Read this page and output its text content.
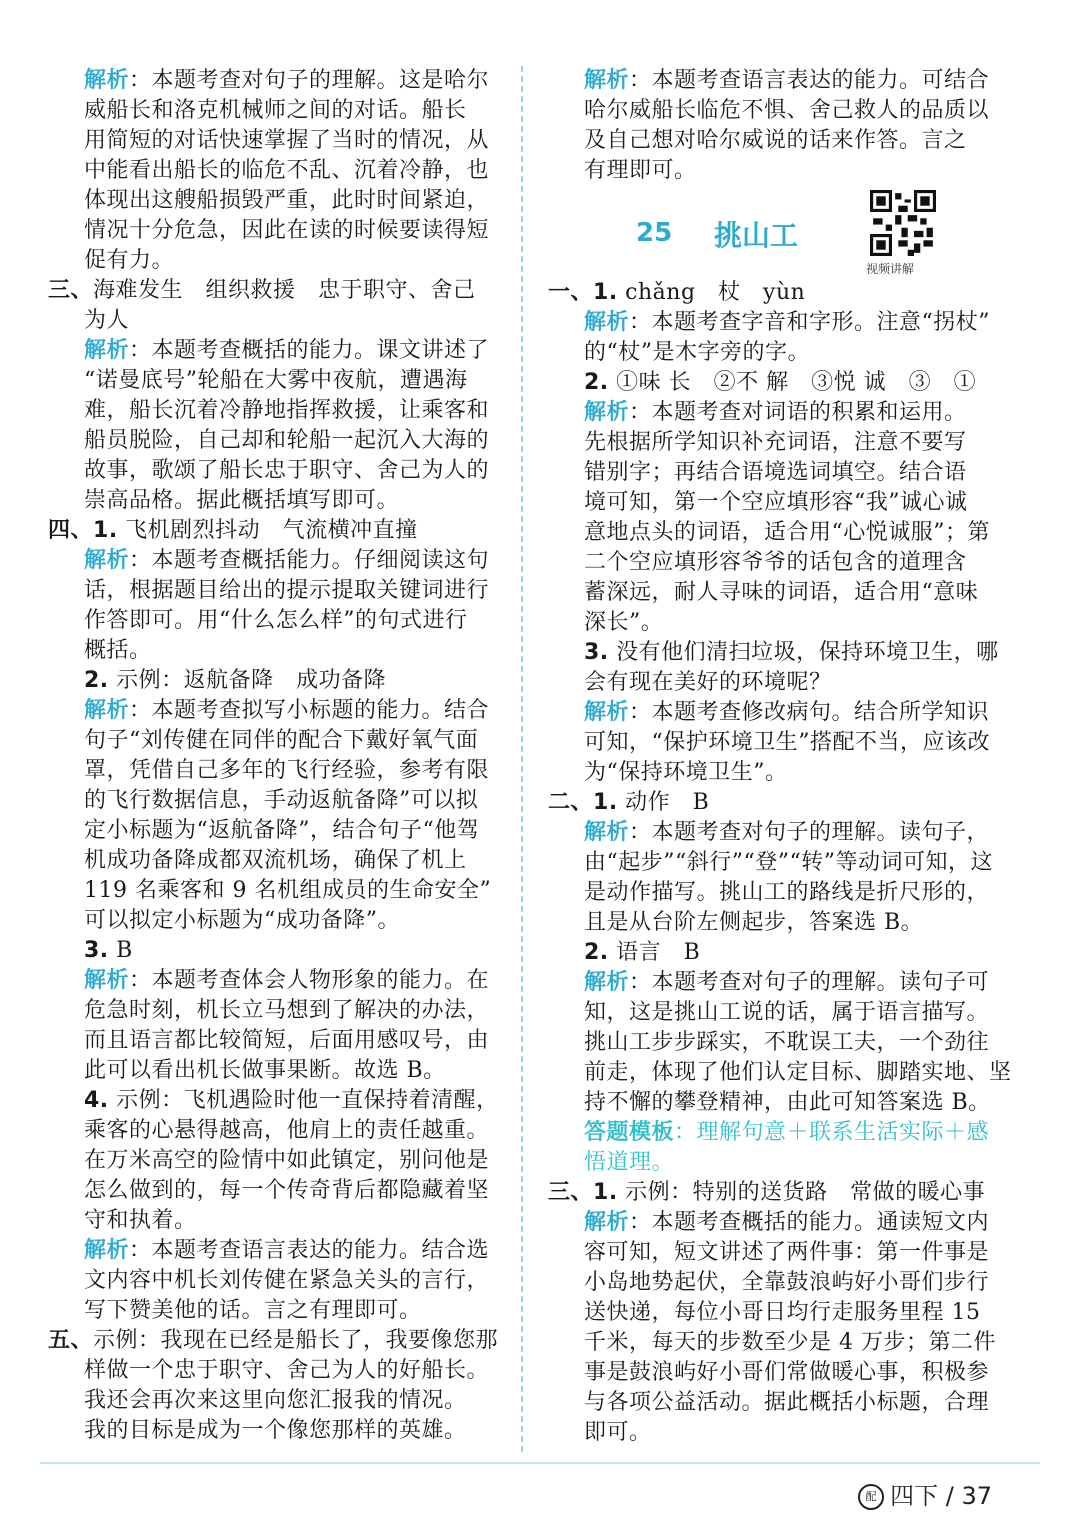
解析：本题考查对句子的理解。这是哈尔
威船长和洛克机械师之间的对话。船长
用简短的对话快速掌握了当时的情况，从
中能看出船长的临危不乱、沉着冷静，也
体现出这艘船损毁严重，此时时间紧迫，
情况十分危急，因此在读的时候要读得短
促有力。
三、海难发生　组织救援　忠于职守、舍己
为人
解析：本题考查概括的能力。课文讲述了
“诺曼底号”轮船在大雾中夜航，遭遇海
难，船长沉着冷静地指挥救援，让乘客和
船员脱险，自己却和轮船一起沉入大海的
故事，歌颂了船长忠于职守、舍己为人的
崇高品格。据此概括填写即可。
四、1. 飞机剧烈抖动　气流横冲直撞
解析：本题考查概括能力。仔细阅读这句
话，根据题目给出的提示提取关键词进行
作答即可。用“什么怎么样”的句式进行
概括。
2. 示例：返航备降　成功备降
解析：本题考查拟写小标题的能力。结合
句子“刘传健在同伴的配合下戴好氧气面
罩，凭借自己多年的飞行经验，参考有限
的飞行数据信息，手动返航备降”可以拟
定小标题为“返航备降”，结合句子“他驾
机成功备降成都双流机场，确保了机上
119 名乘客和 9 名机组成员的生命安全”
可以拟定小标题为“成功备降”。
3. B
解析：本题考查体会人物形象的能力。在
危急时刻，机长立马想到了解决的办法，
而且语言都比较简短，后面用感叹号，由
此可以看出机长做事果断。故选 B。
4. 示例：飞机遇险时他一直保持着清醒，
乘客的心悬得越高，他肩上的责任越重。
在万米高空的险情中如此镇定，别问他是
怎么做到的，每一个传奇背后都隐藏着坚
守和执着。
解析：本题考查语言表达的能力。结合选
文内容中机长刘传健在紧急关头的言行，
写下赞美他的话。言之有理即可。
五、示例：我现在已经是船长了，我要像您那
样做一个忠于职守、舍己为人的好船长。
我还会再次来这里向您汇报我的情况。
我的目标是成为一个像您那样的英雄。
解析：本题考查语言表达的能力。可结合
哈尔威船长临危不惧、舍己救人的品质以
及自己想对哈尔威说的话来作答。言之
有理即可。
25 挑山工
视频讲解
一、1. chǎng　杖　yùn
解析：本题考查字音和字形。注意“拐杖”
的“杖”是木字旁的字。
2. ①味 长　②不 解　③悦 诚　③　①
解析：本题考查对词语的积累和运用。
先根据所学知识补充词语，注意不要写
错别字；再结合语境选词填空。结合语
境可知，第一个空应填形容“我”诚心诚
意地点头的词语，适合用“心悦诚服”；第
二个空应填形容爷爷的话包含的道理含
蓄深远，耐人寻味的词语，适合用“意味
深长”。
3. 没有他们清扫垃圾，保持环境卫生，哪
会有现在美好的环境呢？
解析：本题考查修改病句。结合所学知识
可知，“保护环境卫生”搭配不当，应该改
为“保持环境卫生”。
二、1. 动作　B
解析：本题考查对句子的理解。读句子，
由“起步”“斜行”“登”“转”等动词可知，这
是动作描写。挑山工的路线是折尺形的，
且是从台阶左侧起步，答案选 B。
2. 语言　B
解析：本题考查对句子的理解。读句子可
知，这是挑山工说的话，属于语言描写。
挑山工步步踩实，不耽误工夫，一个劲往
前走，体现了他们认定目标、脚踏实地、坚
持不懈的攀登精神，由此可知答案选 B。
答题模板：理解句意＋联系生活实际＋感
悟道理。
三、1. 示例：特别的送货路　常做的暖心事
解析：本题考查概括的能力。通读短文内
容可知，短文讲述了两件事：第一件事是
小岛地势起伏，全靠鼓浪屿好小哥们步行
送快递，每位小哥日均行走服务里程 15
千米，每天的步数至少是 4 万步；第二件
事是鼓浪屿好小哥们常做暖心事，积极参
与各项公益活动。据此概括小标题，合理
即可。
配 四下 / 37
